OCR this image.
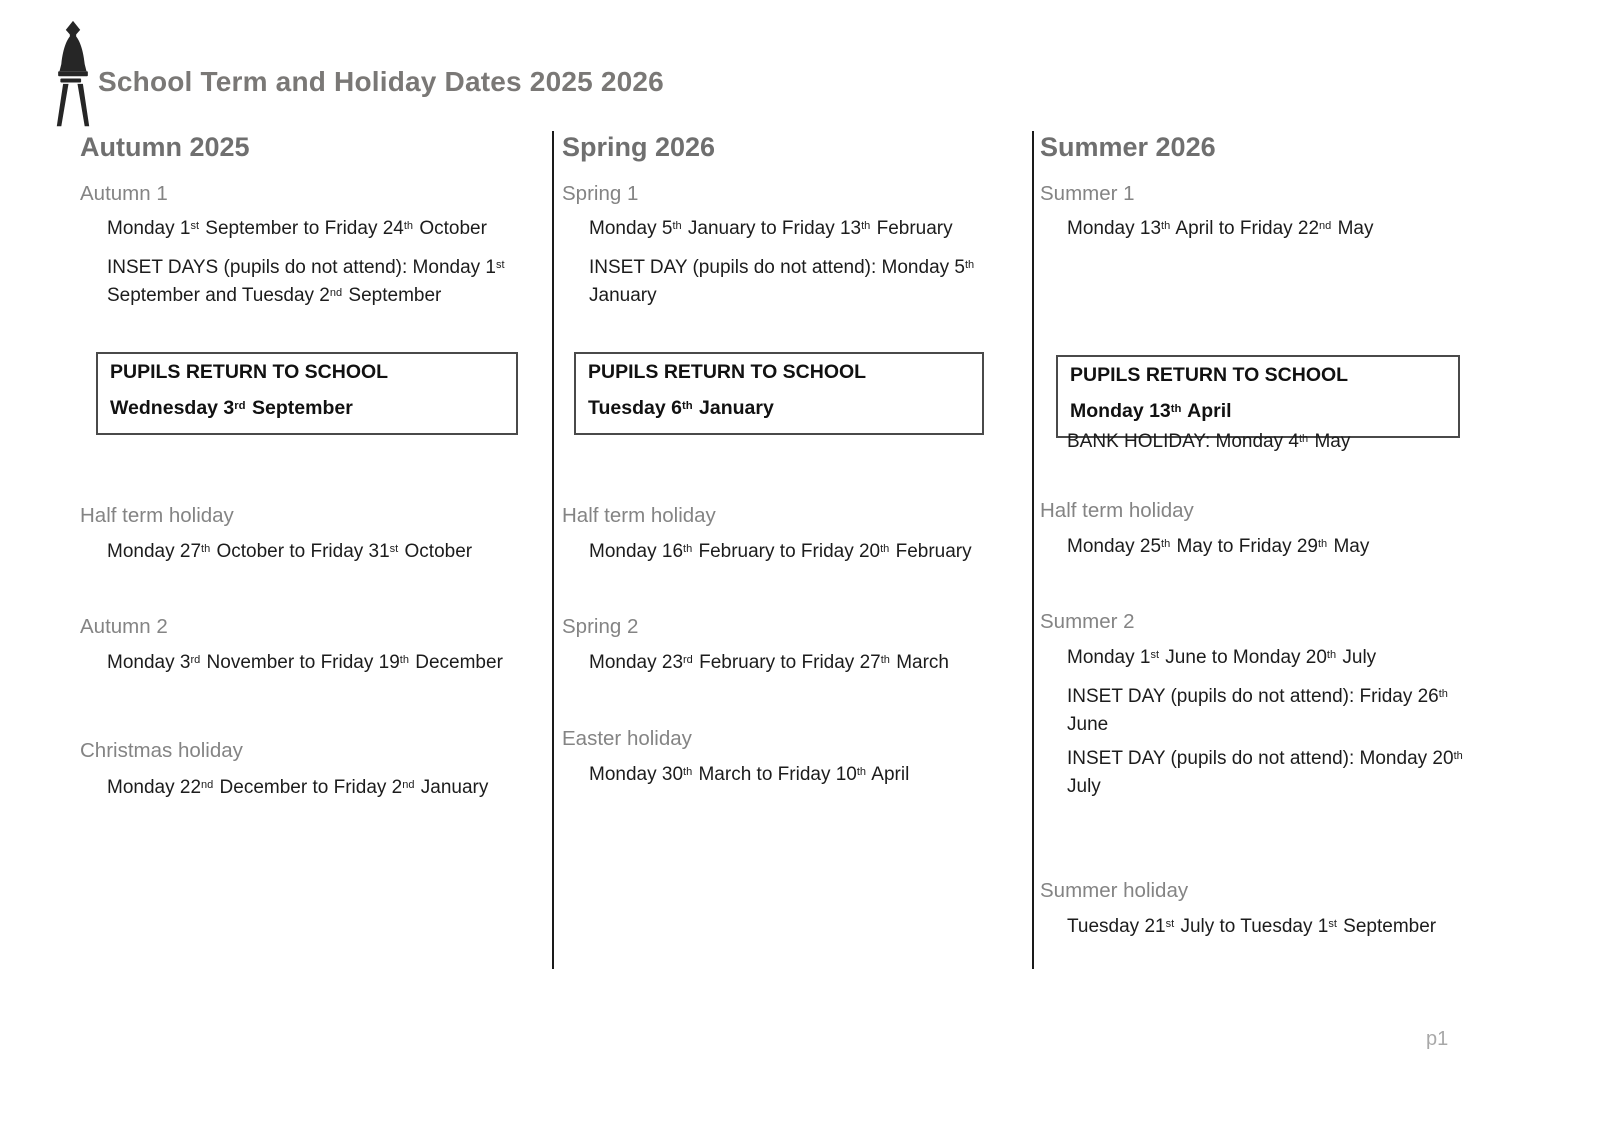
School Term and Holiday Dates 2025 2026
Autumn 2025
Autumn 1
Monday 1st September to Friday 24th October
INSET DAYS (pupils do not attend): Monday 1st September and Tuesday 2nd September
PUPILS RETURN TO SCHOOL
Wednesday 3rd September
Half term holiday
Monday 27th October to Friday 31st October
Autumn 2
Monday 3rd November to Friday 19th December
Christmas holiday
Monday 22nd December to Friday 2nd January
Spring 2026
Spring 1
Monday 5th January to Friday 13th February
INSET DAY (pupils do not attend): Monday 5th January
PUPILS RETURN TO SCHOOL
Tuesday 6th January
Half term holiday
Monday 16th February to Friday 20th February
Spring 2
Monday 23rd February to Friday 27th March
Easter holiday
Monday 30th March to Friday 10th April
Summer 2026
Summer 1
Monday 13th April to Friday 22nd May
PUPILS RETURN TO SCHOOL
Monday 13th April
BANK HOLIDAY: Monday 4th May
Half term holiday
Monday 25th May to Friday 29th May
Summer 2
Monday 1st June to Monday 20th July
INSET DAY (pupils do not attend): Friday 26th June
INSET DAY (pupils do not attend): Monday 20th July
Summer holiday
Tuesday 21st July to Tuesday 1st September
p1
